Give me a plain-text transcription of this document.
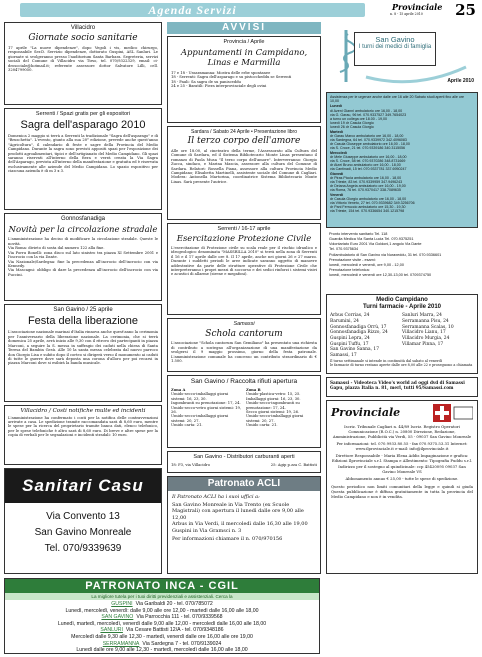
Agenda Servizi	Provinciale
n. 8 - 15 aprile 2010	25
Villacidro
Giornate socio sanitarie
17 aprile "La nuove dipendenze", dopo Vegoli i vis, medico chirurgo, responsabile Ser.D. Servizio dipendenze, dottorato Guspini, ASL Sanluri. Le giornate si svolgeranno presso l'auditorium Santa Barbara. Segreteria, servizi sociali del Comune di Villacidro via Tirso, tel. 070/9322329, email: ci-drosociale@hotmail.it; referente assessore dottor Salvatore Lilli, cell. 3204799050.
Serrenti / Spazi gratis per gli espositori
Sagra dell'asparago 2010
Domenica 2 maggio si terrà a Serrenti la tradizionale "Sagra dell'asparago" e di "Bruschetta". L'evento, giunto alla sua 20° edizione, prevede anche quest'anno "Agricoltura", il calendario di feste e sagre della Provincia del Medio Campidano. Durante la sagra sono previsti appositi spazi per l'esposizione dei prodotti agroalimentari, tipici e dell'artigianato del Medio Campidano. Gli spazi saranno riservati all'interno della fiera e verrà creata la Via Sagra dell'Asparago, prevista all'interno della manifestazione e gratuita ed è riservata esclusivamente alle aziende del Medio Campidano. Lo spazio espositivo per ciascuna azienda è di m 3 x 3.
Gonnosfanadiga
Novità per la circolazione stradale
L'amministrazione ha deciso di modificare la circolazione stradale. Queste le novità.
Via Roma: divieto di sosta dal numero 122 alla fine.
Via Porru Bonelli: zona disco sul lato sinistro tra piazza XI Settembre 2001 e l'incrocio con la via Dante.
Via Nazionale/Sardegna: fine la precedenza all'incrocio dell'incrocio con via Kennedy.
Via Mascagni: obbligo di dare la precedenza all'incrocio dell'incrocio con via Puccini.
San Gavino / 25 aprile
Festa della liberazione
L'associazione nazionale marinai d'Italia rinnova anche quest'anno la cerimonia per l'anniversario della liberazione nazionale. La cerimonia, che si terrà domenica 25 aprile, avrà inizio alle 9,30 con il ritrovo dei partecipanti in piazza Marconi, a seguire la S. messa in suffragio dei caduti nella chiesa di Santa Teresa del Bambin Gesù. Alle 10 la santa messa celebrata dal nuovo parroco don Giorgio Lisa e subito dopo il corteo si dirigerà verso il monumento ai caduti di tutte le guerre dove sarà deposta una corona d'alloro per poi recarsi in piazza Marconi dove si esibirà la banda musicale.
Villacidro / Costi notifiche multe ed incidenti
L'amministrazione ha confermato i costi per la notifica delle contravvenzioni arrivate a casa. Le spedizione tramite raccomandata sarà di 8,60 euro, mentre le spese per la ricerca del proprietario tramite banca dati, elenco telefonico, per le spese telefoniche è altro sarà di 8,60 euro. Di breve e altre spese per la copia di verbali per le segnalazioni e incidenti stradali: 10 euro.
Sanitari Casu
Via Convento 13
San Gavino Monreale
Tel. 070/9339639
AVVISI
Provincia / Aprile
Appuntamenti in Campidano, Linas e Marmilla
17 e 18 - Ussaramanna: Mostra delle erbe spontanee
18 - Serrenti: Sagra dell'asparago e su pistoccheddu se Serrenti
18 - Pauli: Sa sagra de su panisceddu
24 e 25 - Baratili: Fiera interprovinciale degli ovini
Sardara / Sabato 24 Aprile • Presentazione libro
Il terzo corpo dell'amore
Alle ore 18.00, al cineteatro della terme, l'Assessorato alla Cultura del Comune di Sardara, ed il Sistema Bibliotecario Monte Linas presentano il romanzo di Paola Musa "Il terzo corpo dell'amore". Interverranno: Giorgio Zucca, sindaco, e Marina Mascia, assessore alla cultura del Comune di Sardara. Relatori: Rossella Piana, assessore alla cultura Provincia Medio Campidano; Elisabetta Martinelli, assistente sociale del Comune di Cagliari. Modera: Antonella Martorina, coordinatrice Sistema Bibliotecario Monte Linas. Sarà presente l'autrice.
Serrenti / 16-17 aprile
Esercitazione Protezione Civile
L'esercitazione di Protezione civile su scala reale per il rischio idraulico e idrogeologico denominata "MASSRILLA 2010" si terrà nella zona di Serrenti il 16 e il 17 aprile dalle ore 8. Il 17 aprile, anche nei giorni 26 e 27 marzo. Durante i suddetti periodi le aree indicate saranno oggetto di manovre addestrative da parte delle strutture operative di Protezione Civile che interpreteranno i propri mezzi di soccorso e dei sedici rinforzi i sistemi visivi e acustici di allarme (sirene e megafoni).
Samassi
Schola cantorum
L'associazione "Schola cantorum San Gemiliano" ha presentato una richiesta di contributo a sostegno all'organizzazione di una manifestazione da svolgersi il 9 maggio prossimo, giorno della festa patronale. L'amministrazione comunale ha concesso un contributo straordinario di € 1.500.
San Gavino / Raccolta rifiuti apertura
Zona A
Umido-secco-imballaggi giorni sistemi: 16, 23, 30.
Ingombranti su prenotazione: 17, 24.
Umido-secco-vetro giorni sistemi: 19, 26.
Umido-secco-imballaggi giorni sistemi: 20, 27.
Umido carta: 21.
Zona B
Umido-plastica-vetro: 15, 25.
Imballaggi giorni: 16, 23, 30.
Umido-secco-ingombranti su prenotazione: 17, 24.
Secco giorni sistemi: 19, 26.
Umido-secco-imballaggi giorni sistemi: 20, 27.
Umido carta: 21.
San Gavino - Distributori carburanti aperti
18: F3, via Villacidro	25: Agip p.zza C. Battisti
Patronato ACLI
Il Patronato ACLI ha i suoi uffici a:
San Gavino Monreale in Via Trento (ex Scuole Magistrali) con apertura il lunedì dalle ore 9,00 alle 12,00
Arbus in Via Verdi, il mercoledì dalle 16,30 alle 19,00
Guspini in Via Gramsci n. 3
Per informazioni chiamare il n. 070/970156
San Gavino
I turni dei medici di famiglia
Aprile 2010
Assistenza per le urgenze anche dalle ore 16 alle 20 Sabato studi aperti fino alle ore 10,00
Lunedì
di Azeni Gianni ambulatorio ore 16,00 - 18,00
via G. Garau, 96 tel. 070.9337527 349.7654023
a turno un collega ore 18.00 - 19,00
lunedì 19 dr Casula Giorgio
lunedì 26 dr Casula Giorgio
Martedì
dr Garau Marco ambulatorio ore 16,00 - 18,00
via Sardegna, 64 tel. 070.9339972 342.4096083
dr Casula Giuseppe ambulatorio ore 16,00 - 18,00
via S. Croce, 21 tel. 070.9339186 340.3115056
Mercoledì
dr Mele Giuseppe ambulatorio ore 16,00 - 18,00
via S. Croce, 58 tel. 070.9370286 348.8731669
dr Atzei Bruno ambulatorio ore 16,00 - 18,00
via Cantinadi, 15 tel. 070.9337781 337.6950247
Giovedì
dr Piras Piccia ambulatorio ore 16,00 - 18,00
via Trieste, 83 tel. 070.9339959 347.9496243
dr Deiana Angela ambulatorio ore 16,00 - 19,00
via Roma, 76 tel. 070.9370417 338.7089635
Venerdì
dr Casula Giorgio ambulatorio ore 16,00 - 18,00
via Vittorio Veneto, 27 tel. 070.9339682 349.3256706
dr Pani Ferruccio ambulatorio ore 15,30 - 19,30
via Trieste, 154 tel. 070.9336654 340.1215798
Pronto intervento sanitario Tel. 118
Guardia Medica Via Santa Lucia Tel. 070.9375251
Volontariato Euro 2001 Via Goldoni,1 angolo Via Dante
Tel. 070.9375634
Poliambulatorio di San Gavino via Nuraxeddu, 31 tel. 070.9336601
Prenotazione visite - esami:
lunedì, mercoledì e venerdì, ore 9,00 - 12,00
Prenotazione telefonica:
lunedì, mercoledì e venerdì ore 12,30-13,00 tel. 0709374750
Medio Campidano
Turni farmacie - Aprile 2010
Arbus Corrias, 24
Barumini, 24
Gonnosfanadiga Orrù, 17
Gonnosfanadiga Rizzo, 24
Guspini Lepra, 24
Guspini Tuffu, 17
San Gavino Sanna, 17
Samassi, 17
Sanluri Marra, 24
Serramanna Pisu, 24
Serramanna Scalas, 10
Villacidro Lianu, 17
Villacidro Murgia, 24
Villamar Pinna, 17
Il turno settimanale si intende in continuità dal sabato al venerdì
le farmacie di turno restano aperte dalle ore 8,00 alle 22 e proseguono a chiamata
Samassi - Videoteca Video's world ad oggi dvd di Samassi Gapu, piazza Italia n. 81, merl, tutti 95/Samassi.com
Provinciale
Iscriz. Tribunale Cagliari n. 44/89 Iscriz. Registro Operatori Comunicazione (R.O.C.) n. 20800 Direzione, Redazione, Amministrazione, Pubblicità via Verdi, 55 - 09037 San Gavino Monreale
Per informazioni: tel. 070.9933.80.55 - fax 070.9375.53.31 Internet: www.ilprovinciale.it e-mail: info@ilprovinciale.it
Direttore Responsabile - Maria Elena Addis Impaginazione e grafica: Edizioni Ilprovinciale s.r.l. Stampa e Allestimento: Tipografia Puddu s.r.l.
Indirizzo per il sostegno al quindicinale: ccp 45420095 09037 San Gavino Monreale VS
Abbonamento annuo € 25,00 - tutte le spese di spedizione.
Questo periodico non limiti comunitari della legge e quindi si giuda Questa pubblicazione è diffusa gratuitamente in tutta la provincia del Medio Campidano e non è in vendita.
PATRONATO INCA - CGIL
La migliore tutela per i tuoi diritti previdenziali e assistenziali. Cerca la
GUSPINI Via Garibaldi 20 - tel. 070/785072
Lunedì, mercoledì, venerdì: dalle 9,00 alle ore 12,00 - martedì dalle 16,00 alle 18,00
SAN GAVINO Via Parrocchia 111 - tel. 070/9339568
Lunedì, martedì, mercoledì, venerdì dalle 9,00 alle 12,00 - mercoledì dalle 16,00 alle 18,00
SANLURI Via Cesare Battisti 12/A - tel. 070/9348186
Mercoledì dalle 9,30 alle 12,30 - martedì, venerdì dalle ore 16,00 alle ore 19,00
SERRAMANNA Via Sardegna 7 - tel. 070/9139024
Lunedì dalle ore 9,00 alle 12,30 - martedì, mercoledì dalle 16,00 alle 18,00
